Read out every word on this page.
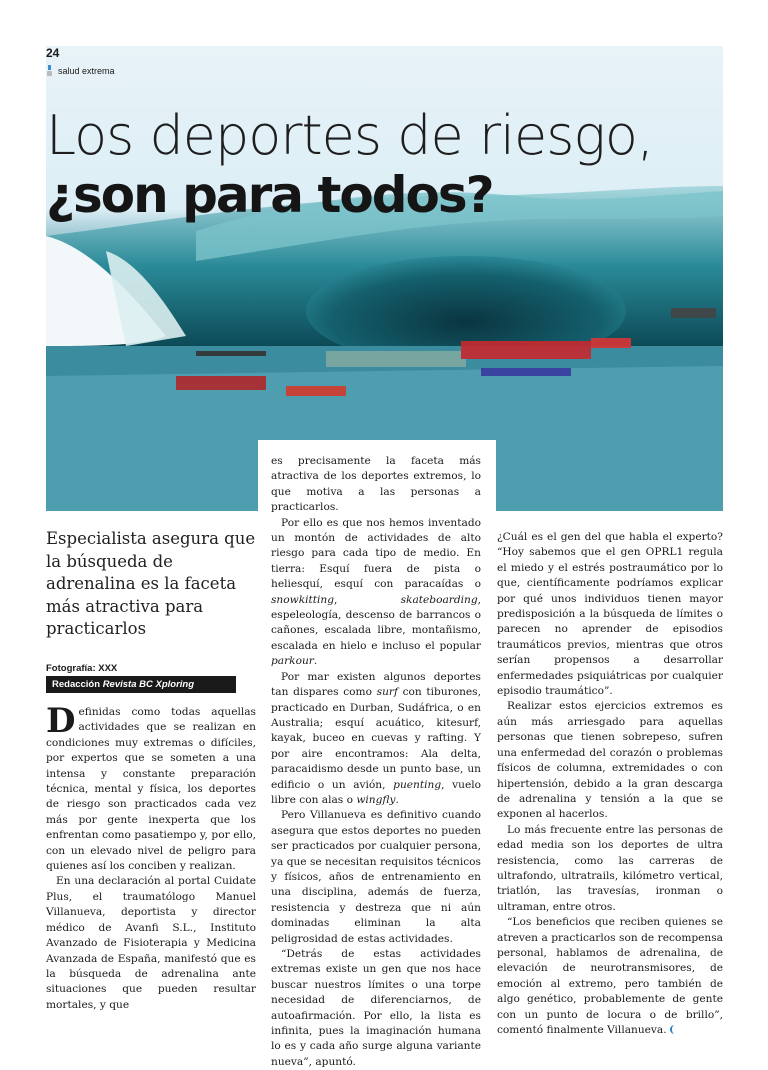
24
salud extrema
Los deportes de riesgo,
¿son para todos?

Especialista asegura que la búsqueda de adrenalina es la faceta más atractiva para practicarlos

Fotografía: XXX
Redacción Revista BC Xploring

Definidas como todas aquellas actividades que se realizan en condiciones muy extremas o difíciles, por expertos que se someten a una intensa y constante preparación técnica, mental y física, los deportes de riesgo son practicados cada vez más por gente inexperta que los enfrentan como pasatiempo y, por ello, con un elevado nivel de peligro para quienes así los conciben y realizan.

En una declaración al portal Cuidate Plus, el traumatólogo Manuel Villanueva, deportista y director médico de Avanfi S.L., Instituto Avanzado de Fisioterapia y Medicina Avanzada de España, manifestó que es la búsqueda de adrenalina ante situaciones que pueden resultar mortales, y que

es precisamente la faceta más atractiva de los deportes extremos, lo que motiva a las personas a practicarlos.

Por ello es que nos hemos inventado un montón de actividades de alto riesgo para cada tipo de medio. En tierra: Esquí fuera de pista o heliesquí, esquí con paracaídas o snowkitting, skateboarding, espeleología, descenso de barrancos o cañones, escalada libre, montañismo, escalada en hielo e incluso el popular parkour.

Por mar existen algunos deportes tan dispares como surf con tiburones, practicado en Durban, Sudáfrica, o en Australia; esquí acuático, kitesurf, kayak, buceo en cuevas y rafting. Y por aire encontramos: Ala delta, paracaidismo desde un punto base, un edificio o un avión, puenting, vuelo libre con alas o wingfly.

Pero Villanueva es definitivo cuando asegura que estos deportes no pueden ser practicados por cualquier persona, ya que se necesitan requisitos técnicos y físicos, años de entrenamiento en una disciplina, además de fuerza, resistencia y destreza que ni aún dominadas eliminan la alta peligrosidad de estas actividades.

“Detrás de estas actividades extremas existe un gen que nos hace buscar nuestros límites o una torpe necesidad de diferenciarnos, de autoafirmación. Por ello, la lista es infinita, pues la imaginación humana lo es y cada año surge alguna variante nueva”, apuntó.

¿Cuál es el gen del que habla el experto? “Hoy sabemos que el gen OPRL1 regula el miedo y el estrés postraumático por lo que, científicamente podríamos explicar por qué unos individuos tienen mayor predisposición a la búsqueda de límites o parecen no aprender de episodios traumáticos previos, mientras que otros serían propensos a desarrollar enfermedades psiquiátricas por cualquier episodio traumático”.

Realizar estos ejercicios extremos es aún más arriesgado para aquellas personas que tienen sobrepeso, sufren una enfermedad del corazón o problemas físicos de columna, extremidades o con hipertensión, debido a la gran descarga de adrenalina y tensión a la que se exponen al hacerlos.

Lo más frecuente entre las personas de edad media son los deportes de ultra resistencia, como las carreras de ultrafondo, ultratrails, kilómetro vertical, triatlón, las travesías, ironman o ultraman, entre otros.

“Los beneficios que reciben quienes se atreven a practicarlos son de recompensa personal, hablamos de adrenalina, de elevación de neurotransmisores, de emoción al extremo, pero también de algo genético, probablemente de gente con un punto de locura o de brillo”, comentó finalmente Villanueva.
